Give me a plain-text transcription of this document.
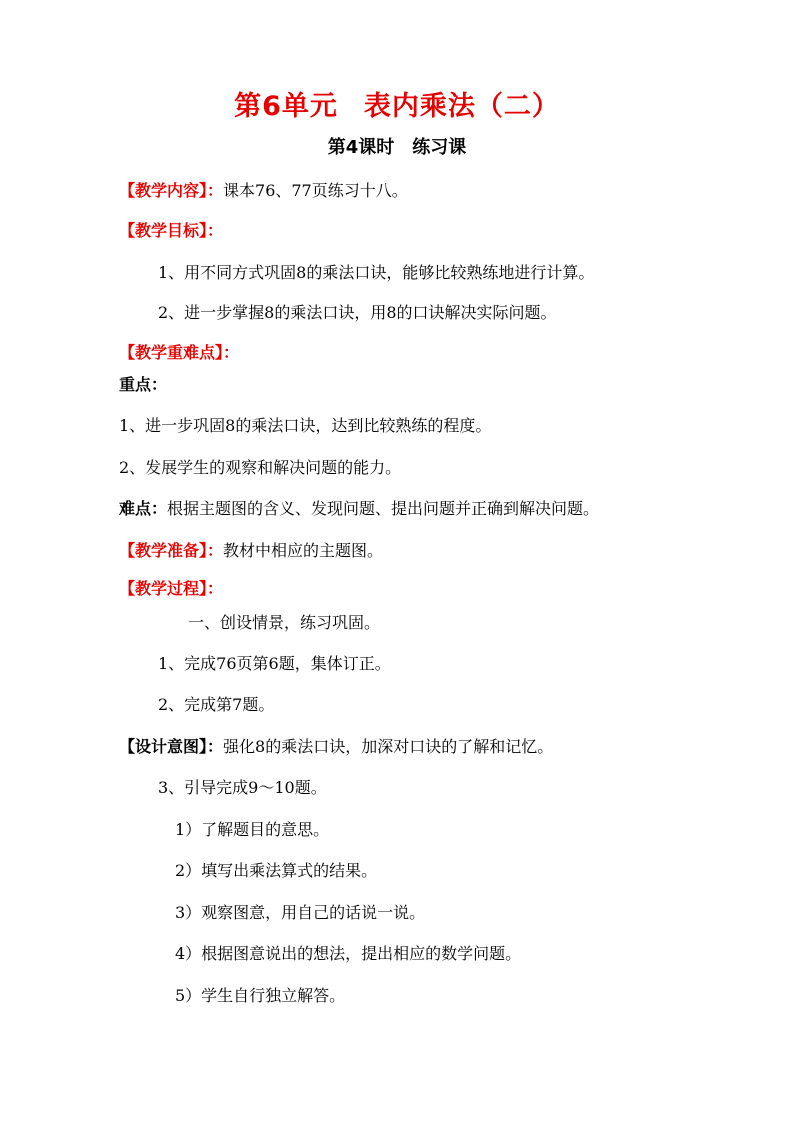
第6单元 表内乘法（二）
第4课时 练习课
【教学内容】：课本76、77页练习十八。
【教学目标】：
1、用不同方式巩固8的乘法口诀，能够比较熟练地进行计算。
2、进一步掌握8的乘法口诀，用8的口诀解决实际问题。
【教学重难点】：
重点：
1、进一步巩固8的乘法口诀，达到比较熟练的程度。
2、发展学生的观察和解决问题的能力。
难点：根据主题图的含义、发现问题、提出问题并正确到解决问题。
【教学准备】：教材中相应的主题图。
【教学过程】：
一、创设情景，练习巩固。
1、完成76页第6题，集体订正。
2、完成第7题。
【设计意图】：强化8的乘法口诀，加深对口诀的了解和记忆。
3、引导完成9～10题。
1）了解题目的意思。
2）填写出乘法算式的结果。
3）观察图意，用自己的话说一说。
4）根据图意说出的想法，提出相应的数学问题。
5）学生自行独立解答。
